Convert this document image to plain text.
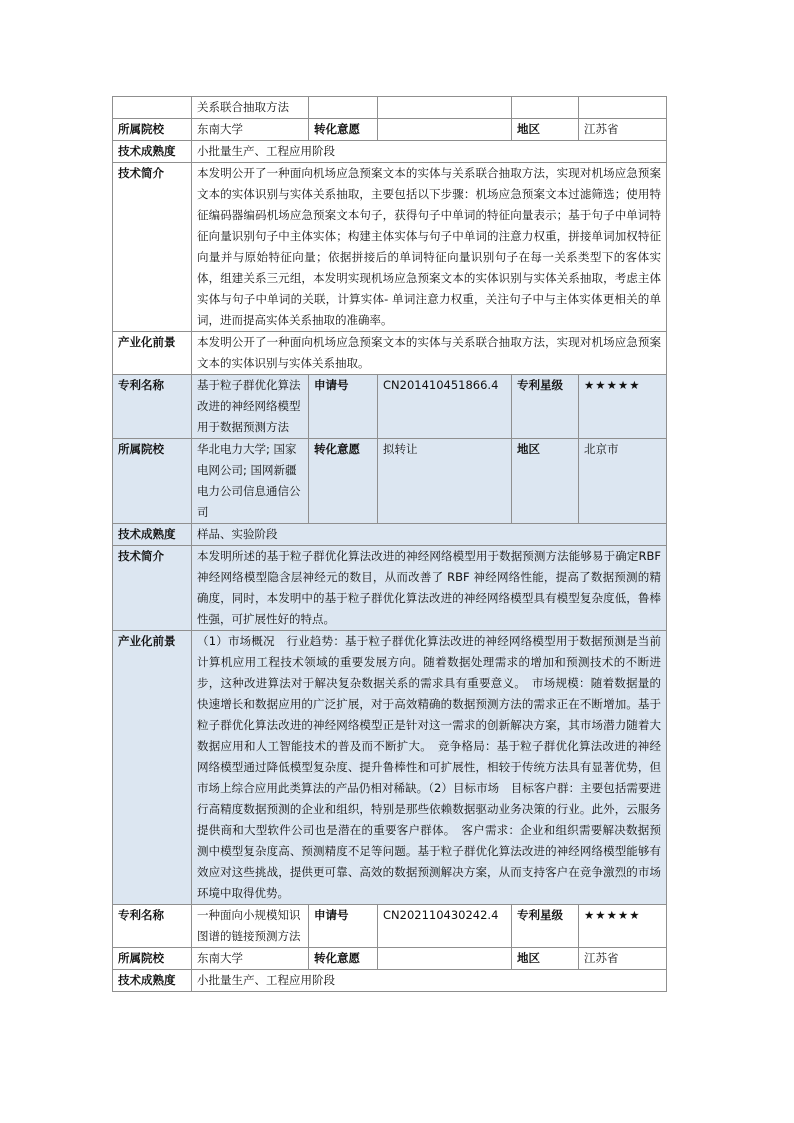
	关系联合抽取方法				
所属院校	东南大学	转化意愿		地区	江苏省
技术成熟度	小批量生产、工程应用阶段				
技术简介	本发明公开了一种面向机场应急预案文本的实体与关系联合抽取方法，实现对机场应急预案文本的实体识别与实体关系抽取，主要包括以下步骤：机场应急预案文本过滤筛选；使用特征编码器编码机场应急预案文本句子，获得句子中单词的特征向量表示；基于句子中单词特征向量识别句子中主体实体；构建主体实体与句子中单词的注意力权重，拼接单词加权特征向量并与原始特征向量；依据拼接后的单词特征向量识别句子在每一关系类型下的客体实体，组建关系三元组，本发明实现机场应急预案文本的实体识别与实体关系抽取，考虑主体实体与句子中单词的关联，计算实体- 单词注意力权重，关注句子中与主体实体更相关的单词，进而提高实体关系抽取的准确率。				
产业化前景	本发明公开了一种面向机场应急预案文本的实体与关系联合抽取方法，实现对机场应急预案文本的实体识别与实体关系抽取。				
专利名称	基于粒子群优化算法改进的神经网络模型用于数据预测方法	申请号	CN201410451866.4	专利星级	★★★★★
所属院校	华北电力大学; 国家电网公司; 国网新疆电力公司信息通信公司	转化意愿	拟转让	地区	北京市
技术成熟度	样品、实验阶段				
技术简介	本发明所述的基于粒子群优化算法改进的神经网络模型用于数据预测方法能够易于确定RBF 神经网络模型隐含层神经元的数目，从而改善了 RBF 神经网络性能，提高了数据预测的精确度，同时，本发明中的基于粒子群优化算法改进的神经网络模型具有模型复杂度低，鲁棒性强，可扩展性好的特点。				
产业化前景	（1）市场概况　行业趋势：基于粒子群优化算法改进的神经网络模型用于数据预测是当前计算机应用工程技术领域的重要发展方向。随着数据处理需求的增加和预测技术的不断进步，这种改进算法对于解决复杂数据关系的需求具有重要意义。　市场规模：随着数据量的快速增长和数据应用的广泛扩展，对于高效精确的数据预测方法的需求正在不断增加。基于粒子群优化算法改进的神经网络模型正是针对这一需求的创新解决方案，其市场潜力随着大数据应用和人工智能技术的普及而不断扩大。　竞争格局：基于粒子群优化算法改进的神经网络模型通过降低模型复杂度、提升鲁棒性和可扩展性，相较于传统方法具有显著优势，但市场上综合应用此类算法的产品仍相对稀缺。（2）目标市场　目标客户群：主要包括需要进行高精度数据预测的企业和组织，特别是那些依赖数据驱动业务决策的行业。此外，云服务提供商和大型软件公司也是潜在的重要客户群体。　客户需求：企业和组织需要解决数据预测中模型复杂度高、预测精度不足等问题。基于粒子群优化算法改进的神经网络模型能够有效应对这些挑战，提供更可靠、高效的数据预测解决方案，从而支持客户在竞争激烈的市场环境中取得优势。				
专利名称	一种面向小规模知识图谱的链接预测方法	申请号	CN202110430242.4	专利星级	★★★★★
所属院校	东南大学	转化意愿		地区	江苏省
技术成熟度	小批量生产、工程应用阶段				
